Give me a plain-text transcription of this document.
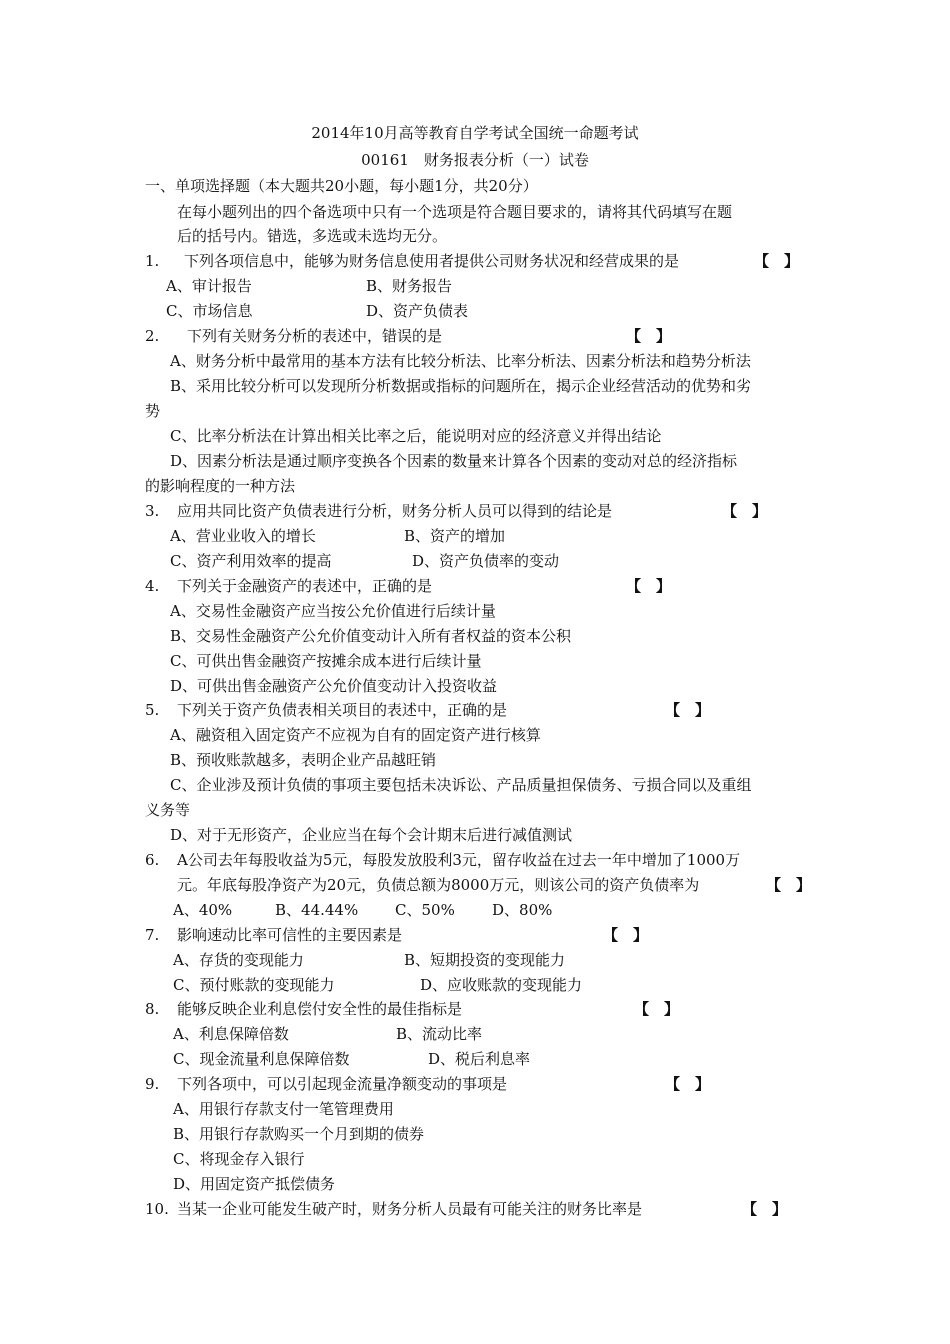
2014年10月高等教育自学考试全国统一命题考试
00161　财务报表分析（一）试卷
一、单项选择题（本大题共20小题，每小题1分，共20分）
在每小题列出的四个备选项中只有一个选项是符合题目要求的，请将其代码填写在题
后的括号内。错选，多选或未选均无分。
1. 下列各项信息中，能够为财务信息使用者提供公司财务状况和经营成果的是	【　】
A、审计报告	B、财务报告
C、市场信息	D、资产负债表
2. 下列有关财务分析的表述中，错误的是	【　】
A、财务分析中最常用的基本方法有比较分析法、比率分析法、因素分析法和趋势分析法
B、采用比较分析可以发现所分析数据或指标的问题所在，揭示企业经营活动的优势和劣
势
C、比率分析法在计算出相关比率之后，能说明对应的经济意义并得出结论
D、因素分析法是通过顺序变换各个因素的数量来计算各个因素的变动对总的经济指标
的影响程度的一种方法
3. 应用共同比资产负债表进行分析，财务分析人员可以得到的结论是	【　】
A、营业业收入的增长	B、资产的增加
C、资产利用效率的提高	D、资产负债率的变动
4. 下列关于金融资产的表述中，正确的是	【　】
A、交易性金融资产应当按公允价值进行后续计量
B、交易性金融资产公允价值变动计入所有者权益的资本公积
C、可供出售金融资产按摊余成本进行后续计量
D、可供出售金融资产公允价值变动计入投资收益
5. 下列关于资产负债表相关项目的表述中，正确的是	【　】
A、融资租入固定资产不应视为自有的固定资产进行核算
B、预收账款越多，表明企业产品越旺销
C、企业涉及预计负债的事项主要包括未决诉讼、产品质量担保债务、亏损合同以及重组
义务等
D、对于无形资产，企业应当在每个会计期末后进行减值测试
6. A公司去年每股收益为5元，每股发放股利3元，留存收益在过去一年中增加了1000万
元。年底每股净资产为20元，负债总额为8000万元，则该公司的资产负债率为	【　】
A、40%	B、44.44% C、50% D、80%
7. 影响速动比率可信性的主要因素是	【　】
A、存货的变现能力	B、短期投资的变现能力
C、预付账款的变现能力	D、应收账款的变现能力
8. 能够反映企业利息偿付安全性的最佳指标是	【　】
A、利息保障倍数	B、流动比率
C、现金流量利息保障倍数	D、税后利息率
9. 下列各项中，可以引起现金流量净额变动的事项是	【　】
A、用银行存款支付一笔管理费用
B、用银行存款购买一个月到期的债券
C、将现金存入银行
D、用固定资产抵偿债务
10. 当某一企业可能发生破产时，财务分析人员最有可能关注的财务比率是	【　】
